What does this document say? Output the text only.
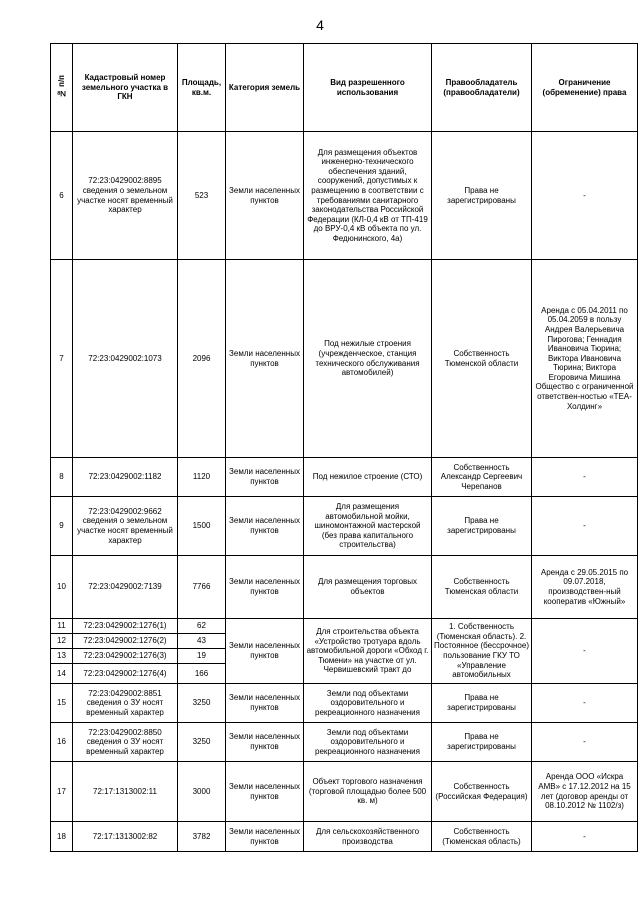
4
№ п/п	Кадастровый номер земельного участка в ГКН	Площадь, кв.м.	Категория земель	Вид разрешенного использования	Правообладатель (правообладатели)	Ограничение (обременение) права
6	72:23:0429002:8895 сведения о земельном участке носят временный характер	523	Земли населенных пунктов	Для размещения объектов инженерно-технического обеспечения зданий, сооружений, допустимых к размещению в соответствии с требованиями санитарного законодательства Российской Федерации (КЛ-0,4 кВ от ТП-419 до ВРУ-0,4 кВ объекта по ул. Федюнинского, 4а)	Права не зарегистрированы	-
7	72:23:0429002:1073	2096	Земли населенных пунктов	Под нежилые строения (учрежденческое, станция технического обслуживания автомобилей)	Собственность Тюменской области	Аренда с 05.04.2011 по 05.04.2059 в пользу Андрея Валерьевича Пирогова; Геннадия Ивановича Тюрина; Виктора Ивановича Тюрина; Виктора Егоровича Мишина Общество с ограниченной ответствен-ностью «ТЕА-Холдинг»
8	72:23:0429002:1182	1120	Земли населенных пунктов	Под нежилое строение (СТО)	Собственность Александр Сергеевич Черепанов	-
9	72:23:0429002:9662 сведения о земельном участке носят временный характер	1500	Земли населенных пунктов	Для размещения автомобильной мойки, шиномонтажной мастерской (без права капитального строительства)	Права не зарегистрированы	-
10	72:23:0429002:7139	7766	Земли населенных пунктов	Для размещения торговых объектов	Собственность Тюменская области	Аренда с 29.05.2015 по 09.07.2018, производствен-ный кооператив «Южный»
11	72:23:0429002:1276(1)	62	Земли населенных пунктов	Для строительства объекта «Устройство тротуара вдоль автомобильной дороги «Обход г. Тюмени» на участке от ул. Червишевский тракт до	1. Собственность (Тюменская область). 2. Постоянное (бессрочное) пользование ГКУ ТО «Управление автомобильных	-
12	72:23:0429002:1276(2)	43				
13	72:23:0429002:1276(3)	19				
14	72:23:0429002:1276(4)	166				
15	72:23:0429002:8851 сведения о ЗУ носят временный характер	3250	Земли населенных пунктов	Земли под объектами оздоровительного и рекреационного назначения	Права не зарегистрированы	-
16	72:23:0429002:8850 сведения о ЗУ носят временный характер	3250	Земли населенных пунктов	Земли под объектами оздоровительного и рекреационного назначения	Права не зарегистрированы	-
17	72:17:1313002:11	3000	Земли населенных пунктов	Объект торгового назначения (торговой площадью более 500 кв. м)	Собственность (Российская Федерация)	Аренда ООО «Искра АМВ» с 17.12.2012 на 15 лет (договор аренды от 08.10.2012 № 1102/з)
18	72:17:1313002:82	3782	Земли населенных пунктов	Для сельскохозяйственного производства	Собственность (Тюменская область)	-
